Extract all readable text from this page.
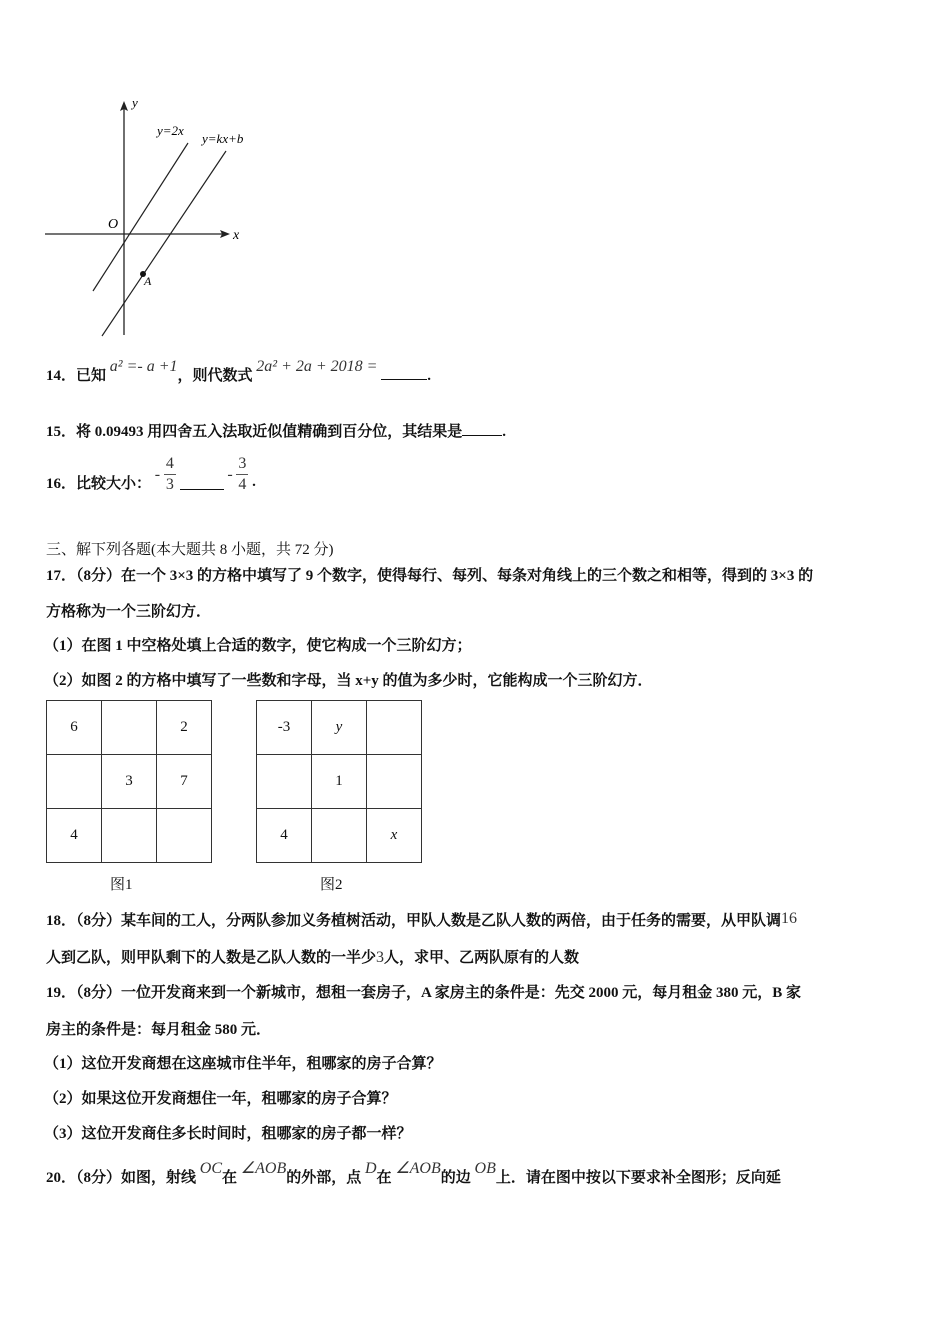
y
x
O
y=2x
y=kx+b
A
14．已知 a² =- a +1，则代数式 2a² + 2a + 2018 = .
15．将 0.09493 用四舍五入法取近似值精确到百分位，其结果是	.
16．比较大小： - $\frac{4}{3}$	- $\frac{3}{4}$ .
三、解下列各题(本大题共 8 小题，共 72 分)
17．（8分）在一个 3×3 的方格中填写了 9 个数字，使得每行、每列、每条对角线上的三个数之和相等，得到的 3×3 的
方格称为一个三阶幻方．
（1）在图 1 中空格处填上合适的数字，使它构成一个三阶幻方；
（2）如图 2 的方格中填写了一些数和字母，当 x+y 的值为多少时，它能构成一个三阶幻方．
6		2
	3	7
4		
-3	y	
	1	
4		x
图1	图2
18．（8分）某车间的工人，分两队参加义务植树活动，甲队人数是乙队人数的两倍，由于任务的需要，从甲队调16
人到乙队，则甲队剩下的人数是乙队人数的一半少3人，求甲、乙两队原有的人数
19．（8分）一位开发商来到一个新城市，想租一套房子，A 家房主的条件是：先交 2000 元，每月租金 380 元，B 家
房主的条件是：每月租金 580 元．
（1）这位开发商想在这座城市住半年，租哪家的房子合算？
（2）如果这位开发商想住一年，租哪家的房子合算？
（3）这位开发商住多长时间时，租哪家的房子都一样？
20．（8分）如图，射线 OC在 ∠AOB的外部，点 D在 ∠AOB的边 OB上．请在图中按以下要求补全图形；反向延
